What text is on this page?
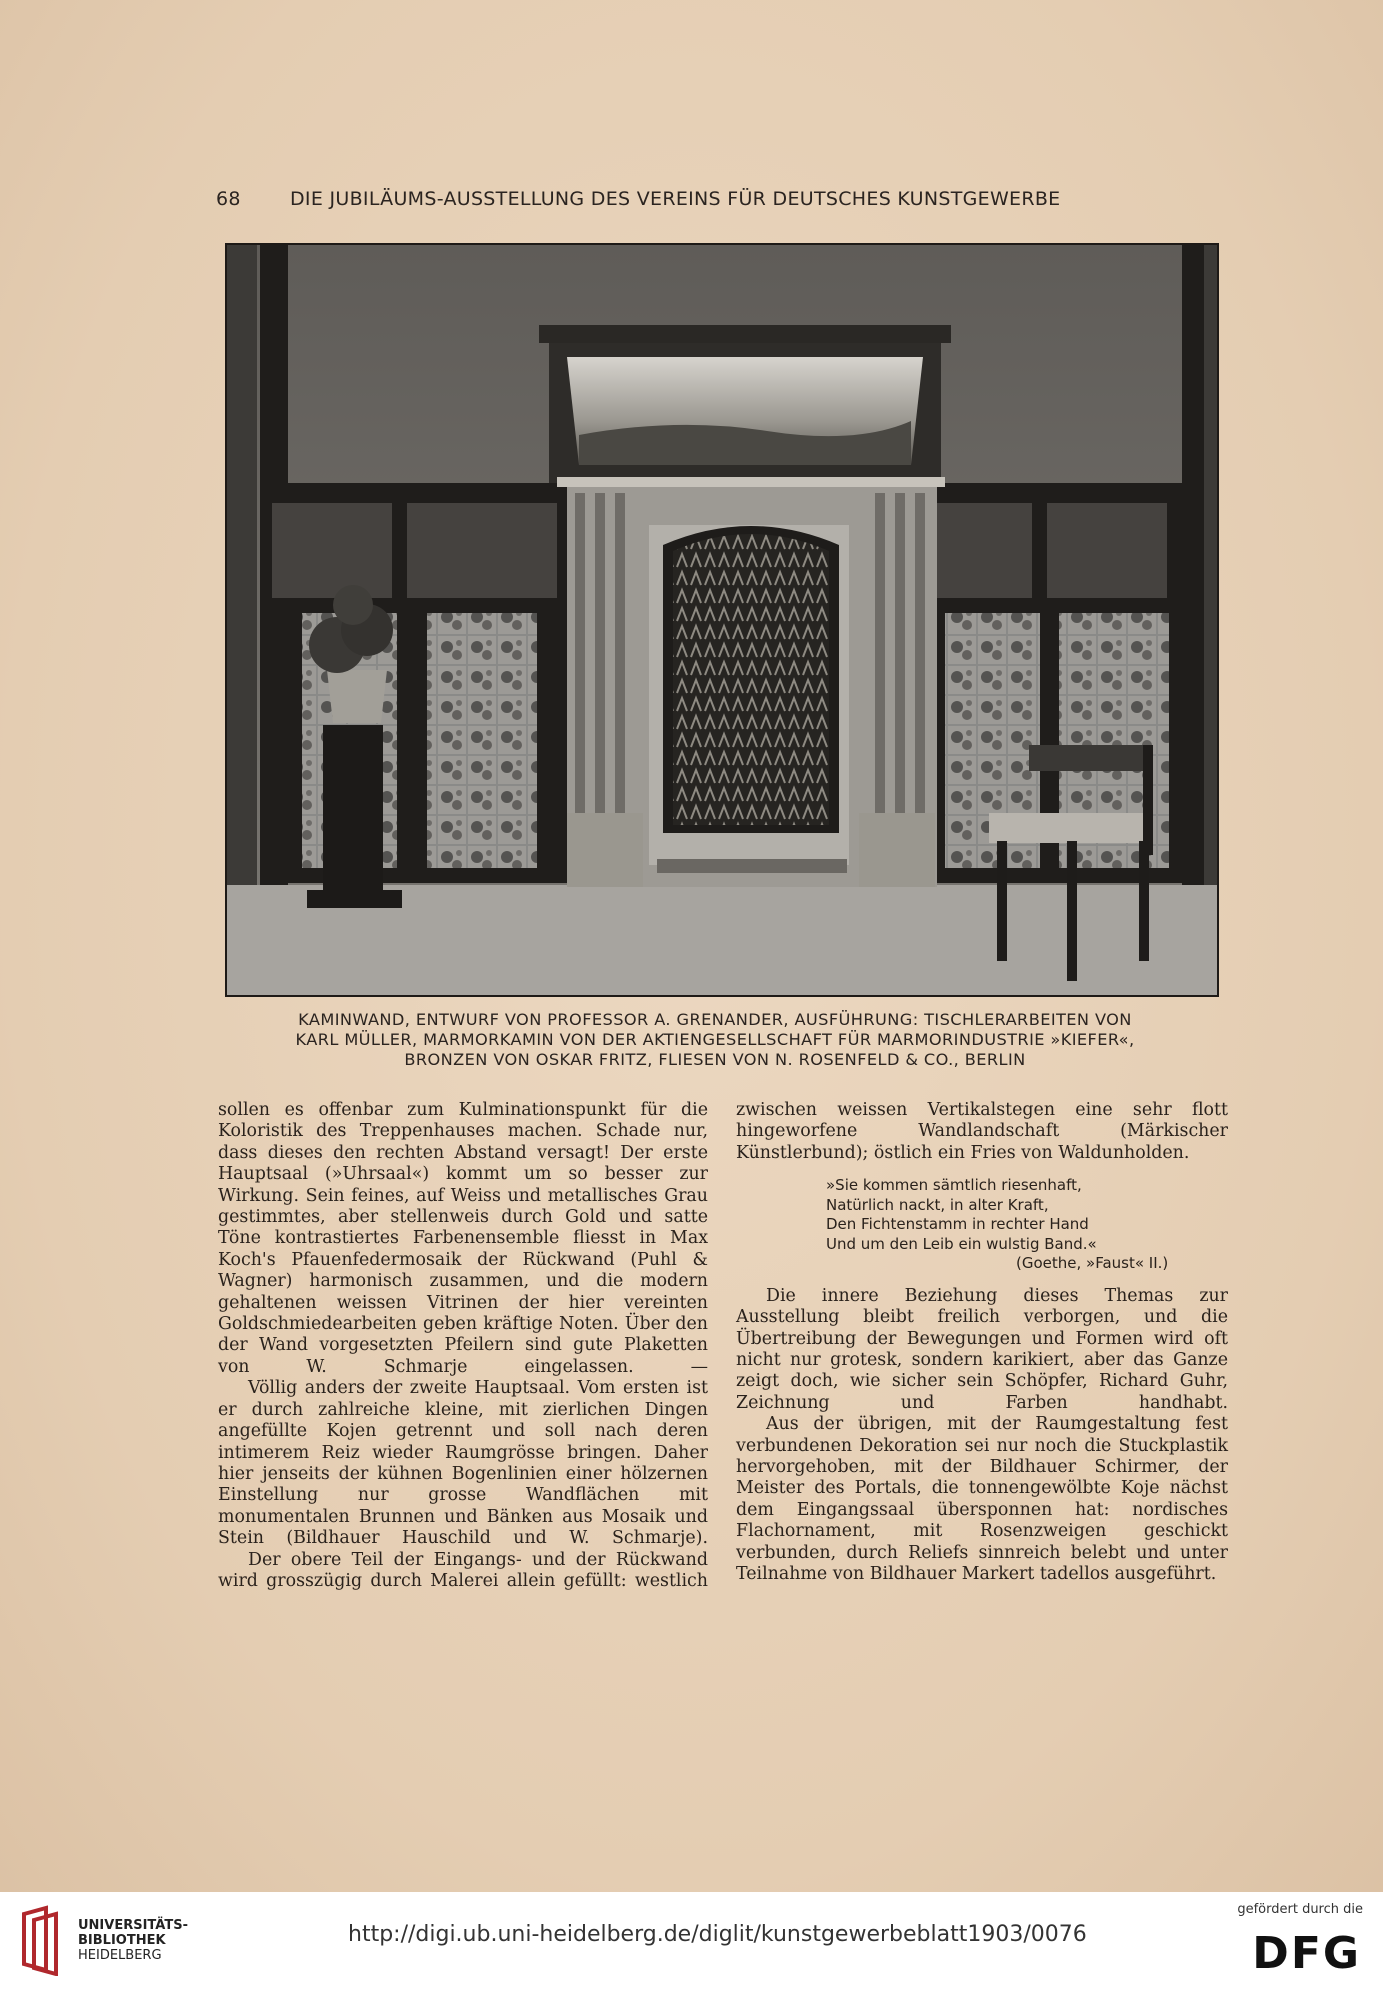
68	DIE JUBILÄUMS-AUSSTELLUNG DES VEREINS FÜR DEUTSCHES KUNSTGEWERBE
KAMINWAND, ENTWURF VON PROFESSOR A. GRENANDER, AUSFÜHRUNG: TISCHLERARBEITEN VON
KARL MÜLLER, MARMORKAMIN VON DER AKTIENGESELLSCHAFT FÜR MARMORINDUSTRIE »KIEFER«,
BRONZEN VON OSKAR FRITZ, FLIESEN VON N. ROSENFELD & CO., BERLIN

sollen es offenbar zum Kulminationspunkt für die Koloristik des Treppenhauses machen. Schade nur, dass dieses den rechten Abstand versagt! Der erste Hauptsaal (»Uhrsaal«) kommt um so besser zur Wirkung. Sein feines, auf Weiss und metallisches Grau gestimmtes, aber stellenweis durch Gold und satte Töne kontrastiertes Farbenensemble fliesst in Max Koch's Pfauenfedermosaik der Rückwand (Puhl & Wagner) harmonisch zusammen, und die modern gehaltenen weissen Vitrinen der hier vereinten Goldschmiedearbeiten geben kräftige Noten. Über den der Wand vorgesetzten Pfeilern sind gute Plaketten von W. Schmarje eingelassen. —

Völlig anders der zweite Hauptsaal. Vom ersten ist er durch zahlreiche kleine, mit zierlichen Dingen angefüllte Kojen getrennt und soll nach deren intimerem Reiz wieder Raumgrösse bringen. Daher hier jenseits der kühnen Bogenlinien einer hölzernen Einstellung nur grosse Wandflächen mit monumentalen Brunnen und Bänken aus Mosaik und Stein (Bildhauer Hauschild und W. Schmarje).

Der obere Teil der Eingangs- und der Rückwand wird grosszügig durch Malerei allein gefüllt: westlich

zwischen weissen Vertikalstegen eine sehr flott hingeworfene Wandlandschaft (Märkischer Künstlerbund); östlich ein Fries von Waldunholden.

»Sie kommen sämtlich riesenhaft,
Natürlich nackt, in alter Kraft,
Den Fichtenstamm in rechter Hand
Und um den Leib ein wulstig Band.«
(Goethe, »Faust« II.)

Die innere Beziehung dieses Themas zur Ausstellung bleibt freilich verborgen, und die Übertreibung der Bewegungen und Formen wird oft nicht nur grotesk, sondern karikiert, aber das Ganze zeigt doch, wie sicher sein Schöpfer, Richard Guhr, Zeichnung und Farben handhabt.

Aus der übrigen, mit der Raumgestaltung fest verbundenen Dekoration sei nur noch die Stuckplastik hervorgehoben, mit der Bildhauer Schirmer, der Meister des Portals, die tonnengewölbte Koje nächst dem Eingangssaal übersponnen hat: nordisches Flachornament, mit Rosenzweigen geschickt verbunden, durch Reliefs sinnreich belebt und unter Teilnahme von Bildhauer Markert tadellos ausgeführt.

UNIVERSITÄTS-
BIBLIOTHEK
HEIDELBERG
http://digi.ub.uni-heidelberg.de/diglit/kunstgewerbeblatt1903/0076
gefördert durch die
DFG
